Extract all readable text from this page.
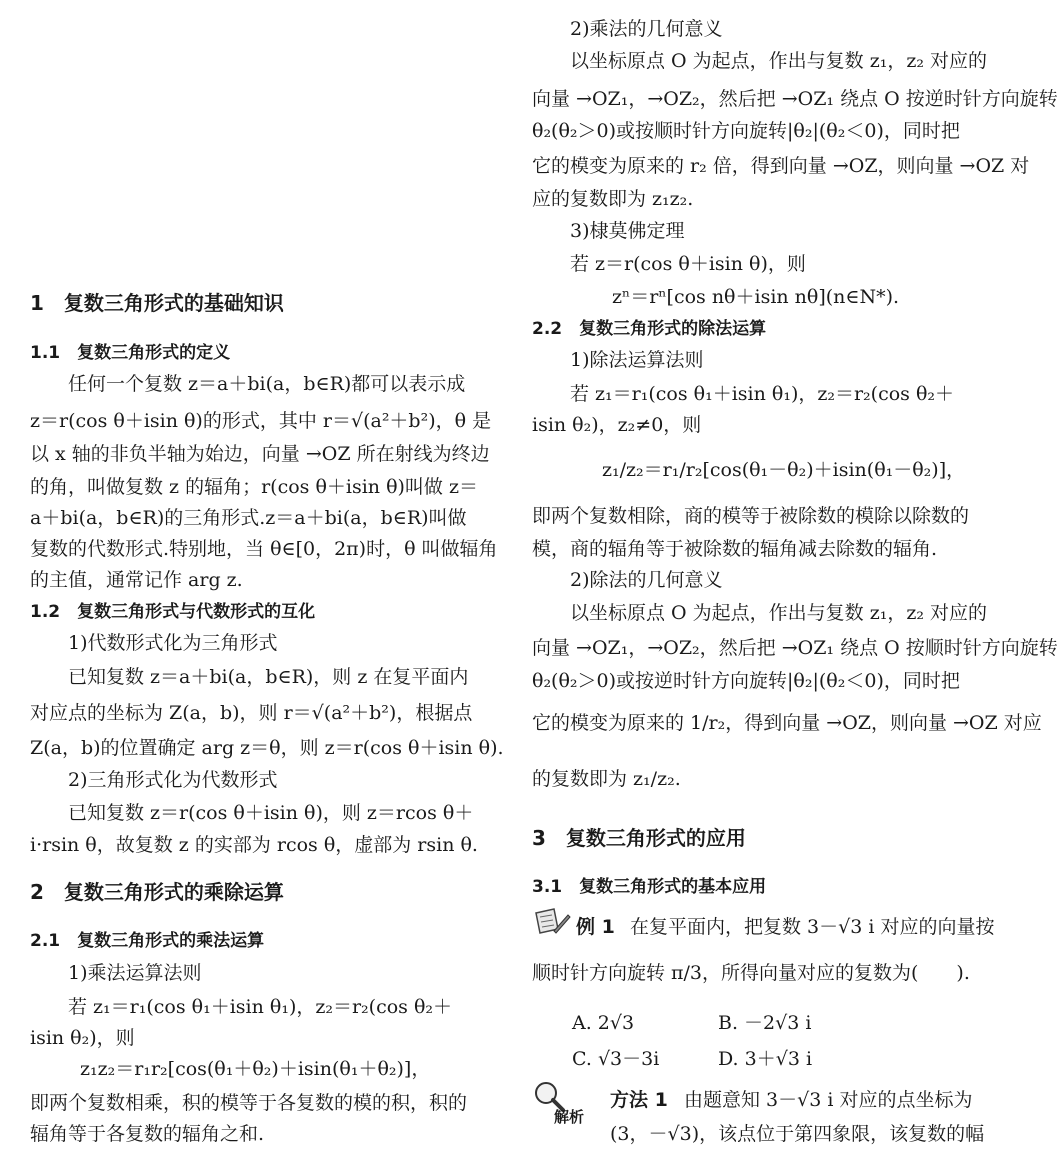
1　复数三角形式的基础知识
1.1　复数三角形式的定义
任何一个复数 z＝a＋bi(a，b∈R)都可以表示成
z＝r(cos θ＋isin θ)的形式，其中 r＝√(a²＋b²)，θ 是
以 x 轴的非负半轴为始边，向量 →OZ 所在射线为终边
的角，叫做复数 z 的辐角；r(cos θ＋isin θ)叫做 z＝
a＋bi(a，b∈R)的三角形式.z＝a＋bi(a，b∈R)叫做
复数的代数形式.特别地，当 θ∈[0，2π)时，θ 叫做辐角
的主值，通常记作 arg z.
1.2　复数三角形式与代数形式的互化
1)代数形式化为三角形式
已知复数 z＝a＋bi(a，b∈R)，则 z 在复平面内
对应点的坐标为 Z(a，b)，则 r＝√(a²＋b²)，根据点
Z(a，b)的位置确定 arg z＝θ，则 z＝r(cos θ＋isin θ).
2)三角形式化为代数形式
已知复数 z＝r(cos θ＋isin θ)，则 z＝rcos θ＋
i·rsin θ，故复数 z 的实部为 rcos θ，虚部为 rsin θ.
2　复数三角形式的乘除运算
2.1　复数三角形式的乘法运算
1)乘法运算法则
若 z₁＝r₁(cos θ₁＋isin θ₁)，z₂＝r₂(cos θ₂＋
isin θ₂)，则
z₁z₂＝r₁r₂[cos(θ₁＋θ₂)＋isin(θ₁＋θ₂)]，
即两个复数相乘，积的模等于各复数的模的积，积的
辐角等于各复数的辐角之和.
2)乘法的几何意义
以坐标原点 O 为起点，作出与复数 z₁，z₂ 对应的
向量 →OZ₁，→OZ₂，然后把 →OZ₁ 绕点 O 按逆时针方向旋转
θ₂(θ₂＞0)或按顺时针方向旋转|θ₂|(θ₂＜0)，同时把
它的模变为原来的 r₂ 倍，得到向量 →OZ，则向量 →OZ 对
应的复数即为 z₁z₂.
3)棣莫佛定理
若 z＝r(cos θ＋isin θ)，则
zⁿ＝rⁿ[cos nθ＋isin nθ](n∈N*).
2.2　复数三角形式的除法运算
1)除法运算法则
若 z₁＝r₁(cos θ₁＋isin θ₁)，z₂＝r₂(cos θ₂＋
isin θ₂)，z₂≠0，则
z₁/z₂＝r₁/r₂[cos(θ₁－θ₂)＋isin(θ₁－θ₂)]，
即两个复数相除，商的模等于被除数的模除以除数的
模，商的辐角等于被除数的辐角减去除数的辐角.
2)除法的几何意义
以坐标原点 O 为起点，作出与复数 z₁，z₂ 对应的
向量 →OZ₁，→OZ₂，然后把 →OZ₁ 绕点 O 按顺时针方向旋转
θ₂(θ₂＞0)或按逆时针方向旋转|θ₂|(θ₂＜0)，同时把
它的模变为原来的 1/r₂，得到向量 →OZ，则向量 →OZ 对应
的复数即为 z₁/z₂.
3　复数三角形式的应用
3.1　复数三角形式的基本应用
例 1 在复平面内，把复数 3－√3 i 对应的向量按
顺时针方向旋转 π/3，所得向量对应的复数为(　　).
A. 2√3	B. －2√3 i
C. √3－3i	D. 3＋√3 i
解析
方法 1 由题意知 3－√3 i 对应的点坐标为
(3，－√3)，该点位于第四象限，该复数的幅
